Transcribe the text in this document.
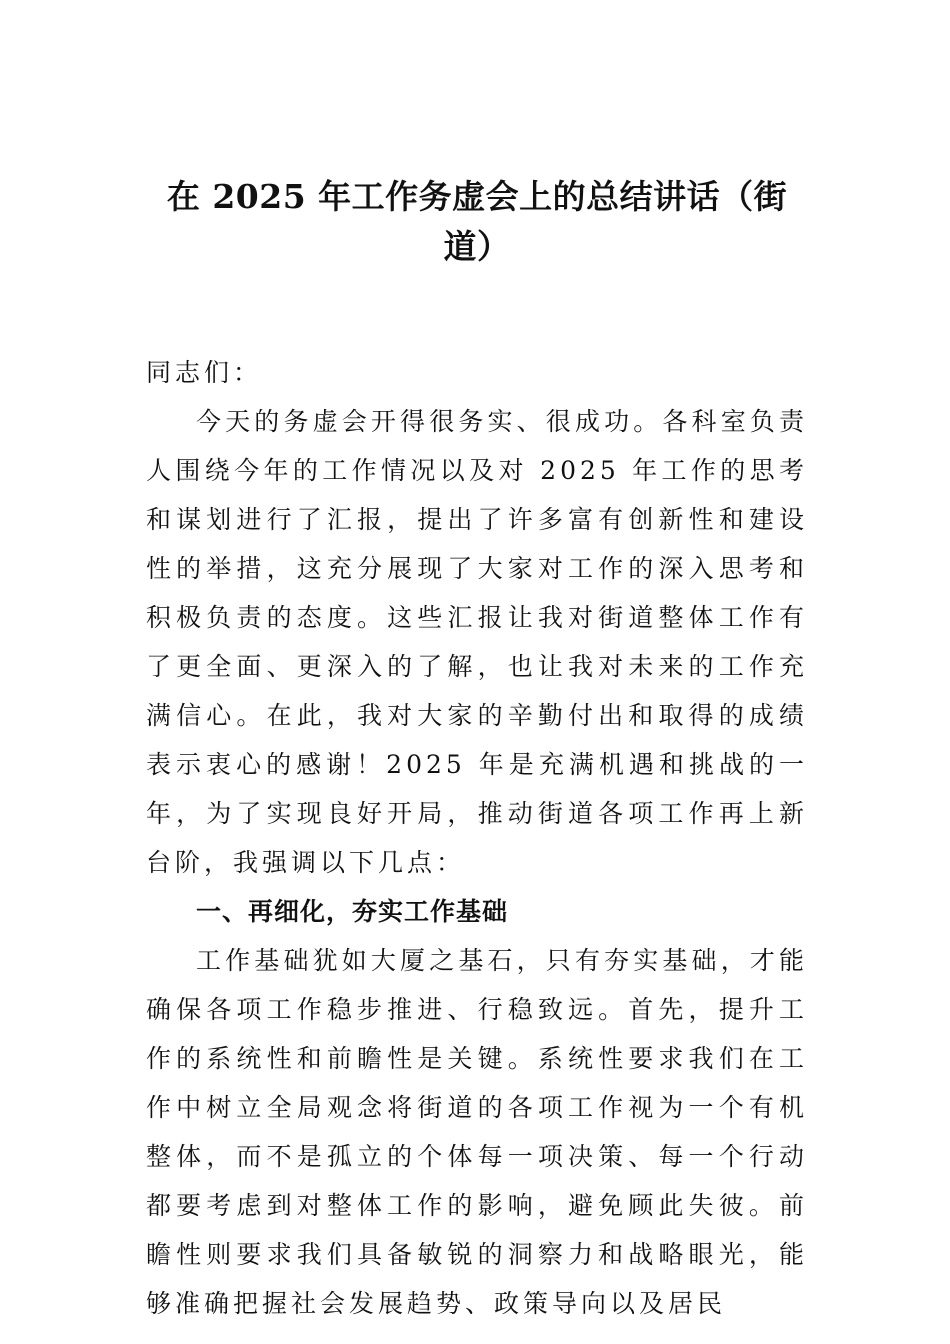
在 2025 年工作务虚会上的总结讲话（街道）

同志们：

今天的务虚会开得很务实、很成功。各科室负责人围绕今年的工作情况以及对 2025 年工作的思考和谋划进行了汇报，提出了许多富有创新性和建设性的举措，这充分展现了大家对工作的深入思考和积极负责的态度。这些汇报让我对街道整体工作有了更全面、更深入的了解，也让我对未来的工作充满信心。在此，我对大家的辛勤付出和取得的成绩表示衷心的感谢！2025 年是充满机遇和挑战的一年，为了实现良好开局，推动街道各项工作再上新台阶，我强调以下几点：

一、再细化，夯实工作基础

工作基础犹如大厦之基石，只有夯实基础，才能确保各项工作稳步推进、行稳致远。首先，提升工作的系统性和前瞻性是关键。系统性要求我们在工作中树立全局观念将街道的各项工作视为一个有机整体，而不是孤立的个体每一项决策、每一个行动都要考虑到对整体工作的影响，避免顾此失彼。前瞻性则要求我们具备敏锐的洞察力和战略眼光，能够准确把握社会发展趋势、政策导向以及居民
